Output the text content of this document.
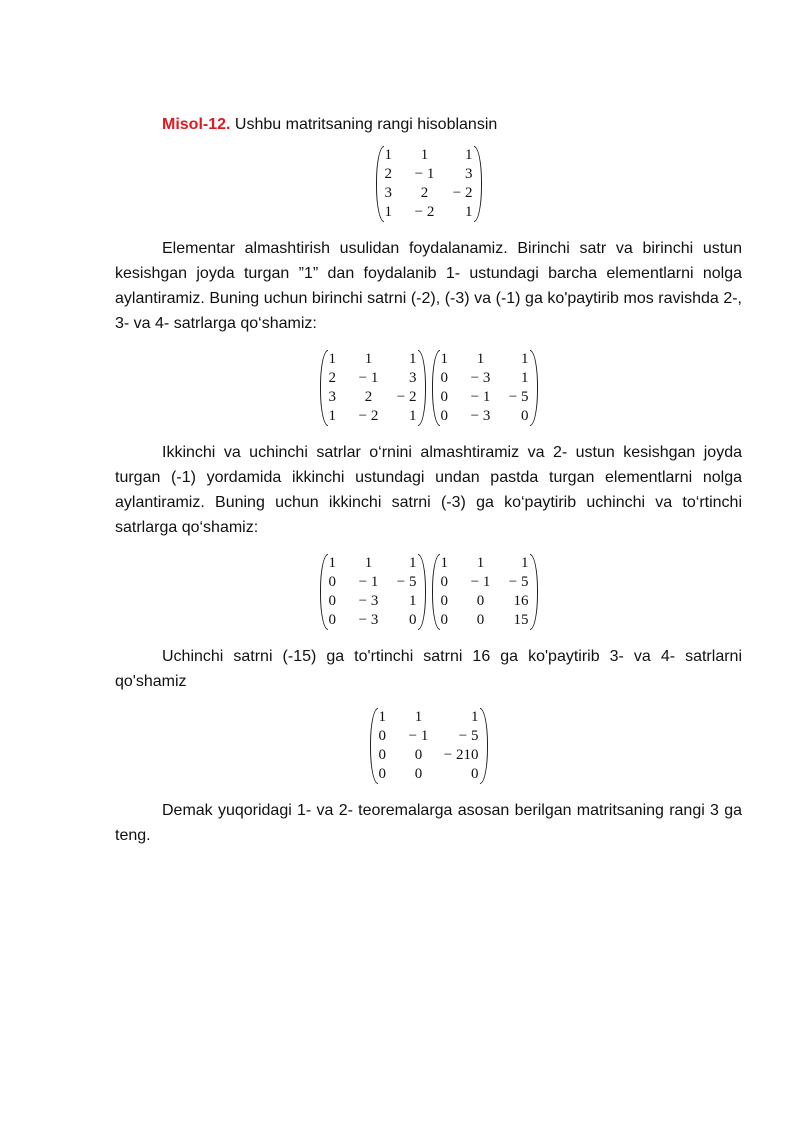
Misol-12. Ushbu matritsaning rangi hisoblansin

1	1	1
2	− 1	3
3	2	− 2
1	− 2	1

Elementar almashtirish usulidan foydalanamiz. Birinchi satr va birinchi ustun kesishgan joyda turgan ”1” dan foydalanib 1- ustundagi barcha elementlarni nolga aylantiramiz. Buning uchun birinchi satrni (-2), (-3) va (-1) ga ko'paytirib mos ravishda 2-, 3- va 4- satrlarga qo‘shamiz:

1	1	1
2	− 1	3
3	2	− 2
1	− 2	1
1	1	1
0	− 3	1
0	− 1	− 5
0	− 3	0

Ikkinchi va uchinchi satrlar o‘rnini almashtiramiz va 2- ustun kesishgan joyda turgan (-1) yordamida ikkinchi ustundagi undan pastda turgan elementlarni nolga aylantiramiz. Buning uchun ikkinchi satrni (-3) ga ko‘paytirib uchinchi va to‘rtinchi satrlarga qo‘shamiz:

1	1	1
0	− 1	− 5
0	− 3	1
0	− 3	0
1	1	1
0	− 1	− 5
0	0	16
0	0	15

Uchinchi satrni (-15) ga to'rtinchi satrni 16 ga ko'paytirib 3- va 4- satrlarni qo'shamiz

1	1	1
0	− 1	− 5
0	0	− 210
0	0	0

Demak yuqoridagi 1- va 2- teoremalarga asosan berilgan matritsaning rangi 3 ga teng.
